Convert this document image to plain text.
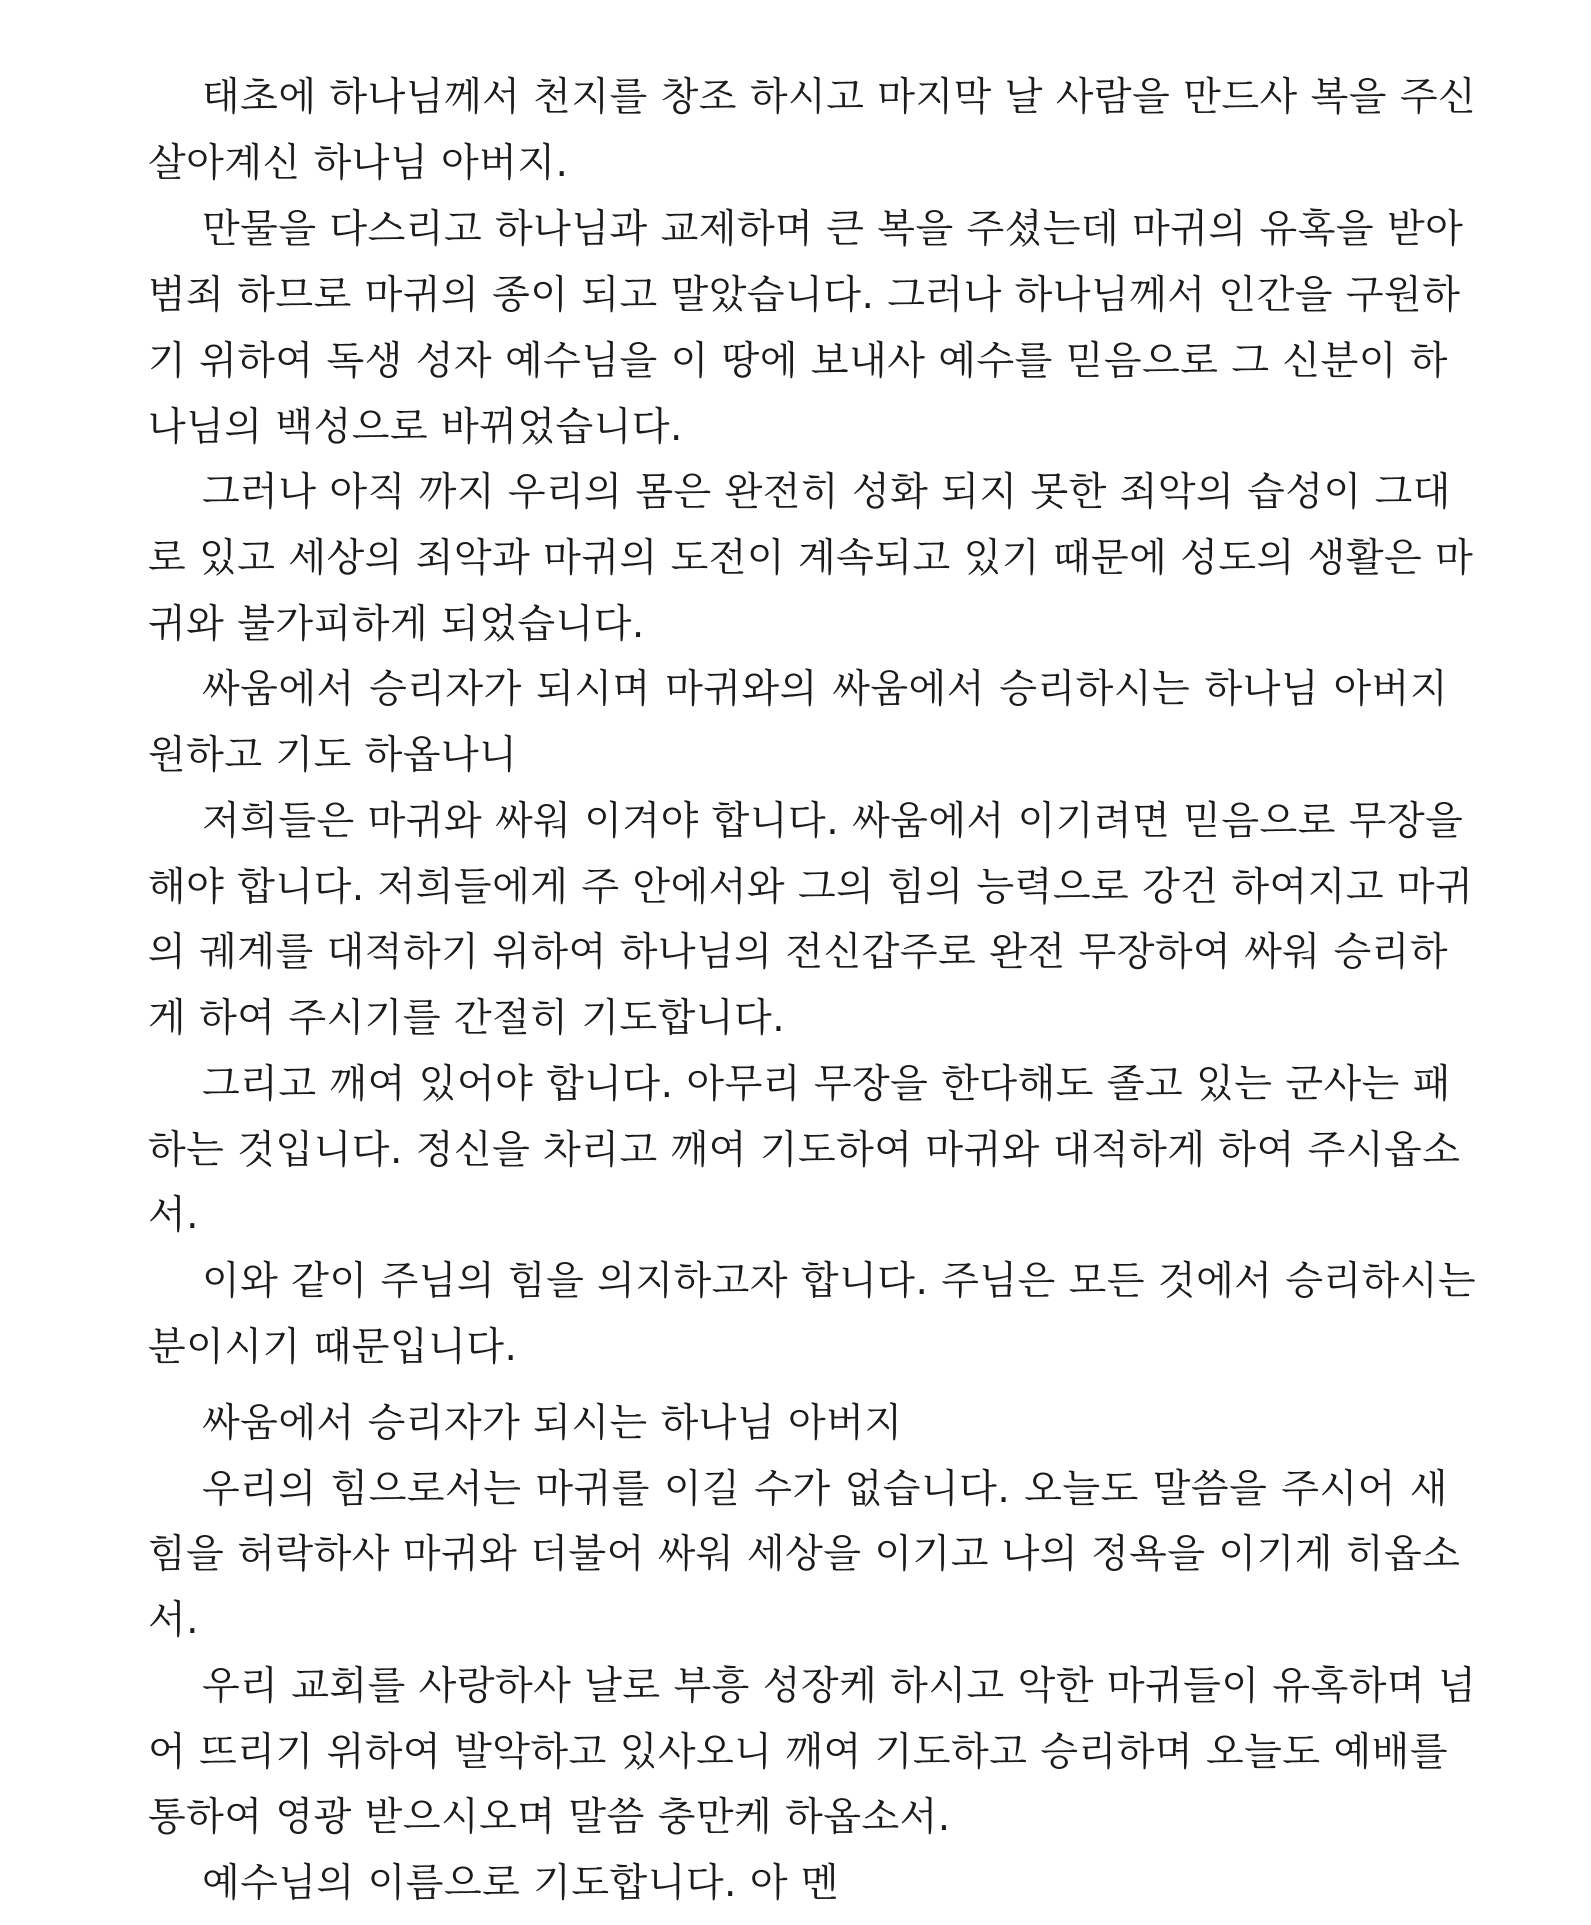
태초에 하나님께서 천지를 창조 하시고 마지막 날 사람을 만드사 복을 주신
살아계신 하나님 아버지.
만물을 다스리고 하나님과 교제하며 큰 복을 주셨는데 마귀의 유혹을 받아
범죄 하므로 마귀의 종이 되고 말았습니다. 그러나 하나님께서 인간을 구원하
기 위하여 독생 성자 예수님을 이 땅에 보내사 예수를 믿음으로 그 신분이 하
나님의 백성으로 바뀌었습니다.
그러나 아직 까지 우리의 몸은 완전히 성화 되지 못한 죄악의 습성이 그대
로 있고 세상의 죄악과 마귀의 도전이 계속되고 있기 때문에 성도의 생활은 마
귀와 불가피하게 되었습니다.
싸움에서 승리자가 되시며 마귀와의 싸움에서 승리하시는 하나님 아버지
원하고 기도 하옵나니
저희들은 마귀와 싸워 이겨야 합니다. 싸움에서 이기려면 믿음으로 무장을
해야 합니다. 저희들에게 주 안에서와 그의 힘의 능력으로 강건 하여지고 마귀
의 궤계를 대적하기 위하여 하나님의 전신갑주로 완전 무장하여 싸워 승리하
게 하여 주시기를 간절히 기도합니다.
그리고 깨여 있어야 합니다. 아무리 무장을 한다해도 졸고 있는 군사는 패
하는 것입니다. 정신을 차리고 깨여 기도하여 마귀와 대적하게 하여 주시옵소
서.
이와 같이 주님의 힘을 의지하고자 합니다. 주님은 모든 것에서 승리하시는
분이시기 때문입니다.
싸움에서 승리자가 되시는 하나님 아버지
우리의 힘으로서는 마귀를 이길 수가 없습니다. 오늘도 말씀을 주시어 새
힘을 허락하사 마귀와 더불어 싸워 세상을 이기고 나의 정욕을 이기게 히옵소
서.
우리 교회를 사랑하사 날로 부흥 성장케 하시고 악한 마귀들이 유혹하며 넘
어 뜨리기 위하여 발악하고 있사오니 깨여 기도하고 승리하며 오늘도 예배를
통하여 영광 받으시오며 말씀 충만케 하옵소서.
예수님의 이름으로 기도합니다. 아 멘
